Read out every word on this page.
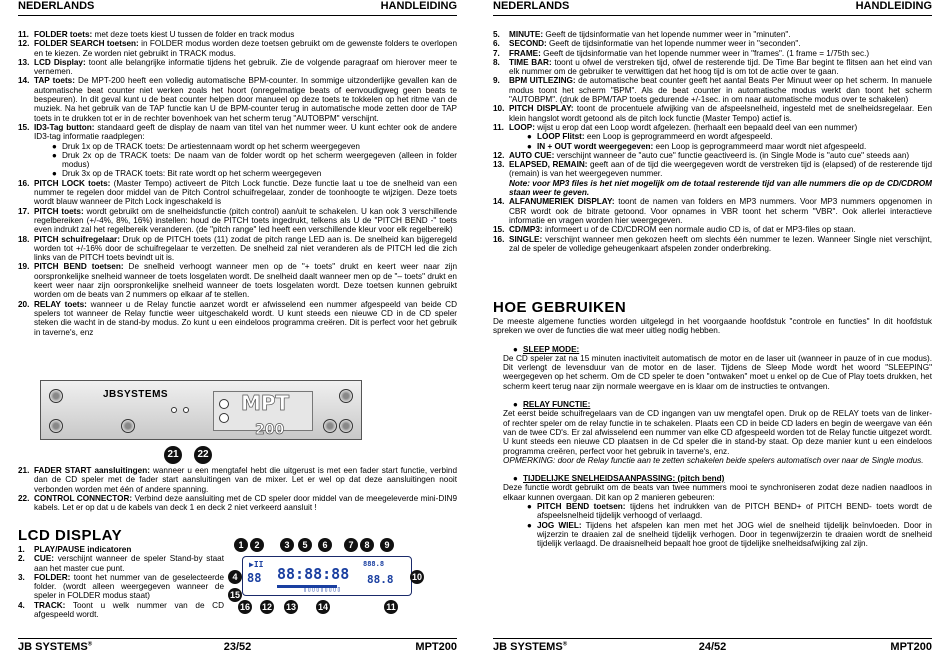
NEDERLANDS	HANDLEIDING
11. FOLDER toets: met deze toets kiest U tussen de folder en track modus
12. FOLDER SEARCH toetsen: in FOLDER modus worden deze toetsen gebruikt om de gewenste folders te overlopen en te kiezen. Ze worden niet gebruikt in TRACK modus.
13. LCD Display: toont alle belangrijke informatie tijdens het gebruik. Zie de volgende paragraaf om hierover meer te vernemen.
14. TAP toets: De MPT-200 heeft een volledig automatische BPM-counter. In sommige uitzonderlijke gevallen kan de automatische beat counter niet werken zoals het hoort (onregelmatige beats of eenvoudigweg geen beats te bespeuren). In dit geval kunt u de beat counter helpen door manueel op deze toets te tokkelen op het ritme van de muziek. Na het gebruik van de TAP functie kan U de BPM-counter terug in automatische mode zetten door de TAP toets in te drukken tot er in de rechter bovenhoek van het scherm terug "AUTOBPM" verschijnt.
15. ID3-Tag button: standaard geeft de display de naam van titel van het nummer weer. U kunt echter ook de andere ID3-tag informatie raadplegen:
● Druk 1x op de TRACK toets: De artiestennaam wordt op het scherm weergegeven
● Druk 2x op de TRACK toets: De naam van de folder wordt op het scherm weergegeven (alleen in folder modus)
● Druk 3x op de TRACK toets: Bit rate wordt op het scherm weergegeven
16. PITCH LOCK toets: (Master Tempo) activeert de Pitch Lock functie. Deze functie laat u toe de snelheid van een nummer te regelen door middel van de Pitch Control schuifregelaar, zonder de toonhoogte te wijzigen. Deze toets wordt blauw wanneer de Pitch Lock ingeschakeld is
17. PITCH toets: wordt gebruikt om de snelheidsfunctie (pitch control) aan/uit te schakelen. U kan ook 3 verschillende regelbereiken (+/-4%, 8%, 16%) instellen: houd de PITCH toets ingedrukt, telkens als U de "PITCH BEND -" toets even indrukt zal het regelbereik veranderen. (de "pitch range" led heeft een verschillende kleur voor elk regelbereik)
18. PITCH schuifregelaar: Druk op de PITCH toets (11) zodat de pitch range LED aan is. De snelheid kan bijgeregeld worden tot +/-16% door de schuifregelaar te verzetten. De snelheid zal niet veranderen als de PITCH led die zich links van de PITCH toets bevindt uit is.
19. PITCH BEND toetsen: De snelheid verhoogt wanneer men op de "+ toets" drukt en keert weer naar zijn oorspronkelijke snelheid wanneer de toets losgelaten wordt. De snelheid daalt wanneer men op de "– toets" drukt en keert weer naar zijn oorspronkelijke snelheid wanneer de toets losgelaten wordt. Deze toetsen kunnen gebruikt worden om de beats van 2 nummers op elkaar af te stellen.
20. RELAY toets: wanneer u de Relay functie aanzet wordt er afwisselend een nummer afgespeeld van beide CD spelers tot wanneer de Relay functie weer uitgeschakeld wordt. U kunt steeds een nieuwe CD in de CD speler steken die wacht in de stand-by modus. Zo kunt u een eindeloos programma creëren. Dit is perfect voor het gebruik in taverne's, enz
JBSYSTEMS	MPT
200
21	22
21. FADER START aansluitingen: wanneer u een mengtafel hebt die uitgerust is met een fader start functie, verbind dan de CD speler met de fader start aansluitingen van de mixer. Let er wel op dat deze aansluitingen nooit verbonden worden met één of andere spanning.
22. CONTROL CONNECTOR: Verbind deze aansluiting met de CD speler door middel van de meegeleverde mini-DIN9 kabels. Let er op dat u de kabels van deck 1 en deck 2 niet verkeerd aansluit !
LCD DISPLAY
1. PLAY/PAUSE indicatoren
2. CUE: verschijnt wanneer de speler Stand-by staat aan het master cue punt.
3. FOLDER: toont het nummer van de geselecteerde folder. (wordt alleen weergegeven wanneer de speler in FOLDER modus staat)
4. TRACK: Toont u welk nummer van de CD afgespeeld wordt.
▶II
88 88:88:88
888.8
88.8
▯▯▯▯▯▯▯▯▯
1	2	3	5	6	7	8	9
4	10
15
16 12 13 14	11
JB SYSTEMS®	23/52	MPT200
NEDERLANDS	HANDLEIDING
5. MINUTE: Geeft de tijdsinformatie van het lopende nummer weer in "minuten".
6. SECOND: Geeft de tijdsinformatie van het lopende nummer weer in "seconden".
7. FRAME: Geeft de tijdsinformatie van het lopende nummer weer in "frames". (1 frame = 1/75th sec.)
8. TIME BAR: toont u ofwel de verstreken tijd, ofwel de resterende tijd. De Time Bar begint te flitsen aan het eind van elk nummer om de gebruiker te verwittigen dat het hoog tijd is om tot de actie over te gaan.
9. BPM UITLEZING: de automatische beat counter geeft het aantal Beats Per Minuut weer op het scherm. In manuele modus toont het scherm "BPM". Als de beat counter in automatische modus werkt dan toont het scherm "AUTOBPM". (druk de BPM/TAP toets gedurende +/-1sec. in om naar automatische modus over te schakelen)
10. PITCH DISPLAY: toont de procentuele afwijking van de afspeelsnelheid, ingesteld met de snelheidsregelaar. Een klein hangslot wordt getoond als de pitch lock functie (Master Tempo) actief is.
11. LOOP: wijst u erop dat een Loop wordt afgelezen. (herhaalt een bepaald deel van een nummer)
● LOOP Flitst: een Loop is geprogrammeerd en wordt afgespeeld.
● IN + OUT wordt weergegeven: een Loop is geprogrammeerd maar wordt niet afgespeeld.
12. AUTO CUE: verschijnt wanneer de "auto cue" functie geactiveerd is. (in Single Mode is "auto cue" steeds aan)
13. ELAPSED, REMAIN: geeft aan of de tijd die weergegeven wordt de verstreken tijd is (elapsed) of de resterende tijd (remain) is van het weergegeven nummer.
Note: voor MP3 files is het niet mogelijk om de totaal resterende tijd van alle nummers die op de CD/CDROM staan weer te geven.
14. ALFANUMERIEK DISPLAY: toont de namen van folders en MP3 nummers. Voor MP3 nummers opgenomen in CBR wordt ook de bitrate getoond. Voor opnames in VBR toont het scherm "VBR". Ook allerlei interactieve informatie en vragen worden hier weergegeven.
15. CD/MP3: informeert u of de CD/CDROM een normale audio CD is, of dat er MP3-files op staan.
16. SINGLE: verschijnt wanneer men gekozen heeft om slechts één nummer te lezen. Wanneer Single niet verschijnt, zal de speler de volledige geheugenkaart afspelen zonder onderbreking.
HOE GEBRUIKEN

De meeste algemene functies worden uitgelegd in het voorgaande hoofdstuk "controle en functies" In dit hoofdstuk spreken we over de functies die wat meer uitleg nodig hebben.

● SLEEP MODE:

De CD speler zat na 15 minuten inactiviteit automatisch de motor en de laser uit (wanneer in pauze of in cue modus). Dit verlengt de levensduur van de motor en de laser. Tijdens de Sleep Mode wordt het woord "SLEEPING" weergegeven op het scherm. Om de CD speler te doen "ontwaken" moet u enkel op de Cue of Play toets drukken, het scherm keert terug naar zijn normale weergave en is klaar om de instructies te ontvangen.

● RELAY FUNCTIE:

Zet eerst beide schuifregelaars van de CD ingangen van uw mengtafel open. Druk op de RELAY toets van de linker- of rechter speler om de relay functie in te schakelen. Plaats een CD in beide CD laders en begin de weergave van één van de twee CD's. Er zal afwisselend een nummer van elke CD afgespeeld worden tot de Relay functie uitgezet wordt. U kunt steeds een nieuwe CD plaatsen in de Cd speler die in stand-by staat. Op deze manier kunt u een eindeloos programma creëren, perfect voor het gebruik in taverne's, enz.

OPMERKING: door de Relay functie aan te zetten schakelen beide spelers automatisch over naar de Single modus.

● TIJDELIJKE SNELHEIDSAANPASSING: (pitch bend)

Deze functie wordt gebruikt om de beats van twee nummers mooi te synchroniseren zodat deze nadien naadloos in elkaar kunnen overgaan. Dit kan op 2 manieren gebeuren:

● PITCH BEND toetsen: tijdens het indrukken van de PITCH BEND+ of PITCH BEND- toets wordt de afspeelsnelheid tijdelijk verhoogd of verlaagd.
● JOG WIEL: Tijdens het afspelen kan men met het JOG wiel de snelheid tijdelijk beïnvloeden. Door in wijzerzin te draaien zal de snelheid tijdelijk verhogen. Door in tegenwijzerzin te draaien wordt de snelheid tijdelijk verlaagd. De draaisnelheid bepaalt hoe groot de tijdelijke snelheidsafwijking zal zijn.
JB SYSTEMS®	24/52	MPT200
